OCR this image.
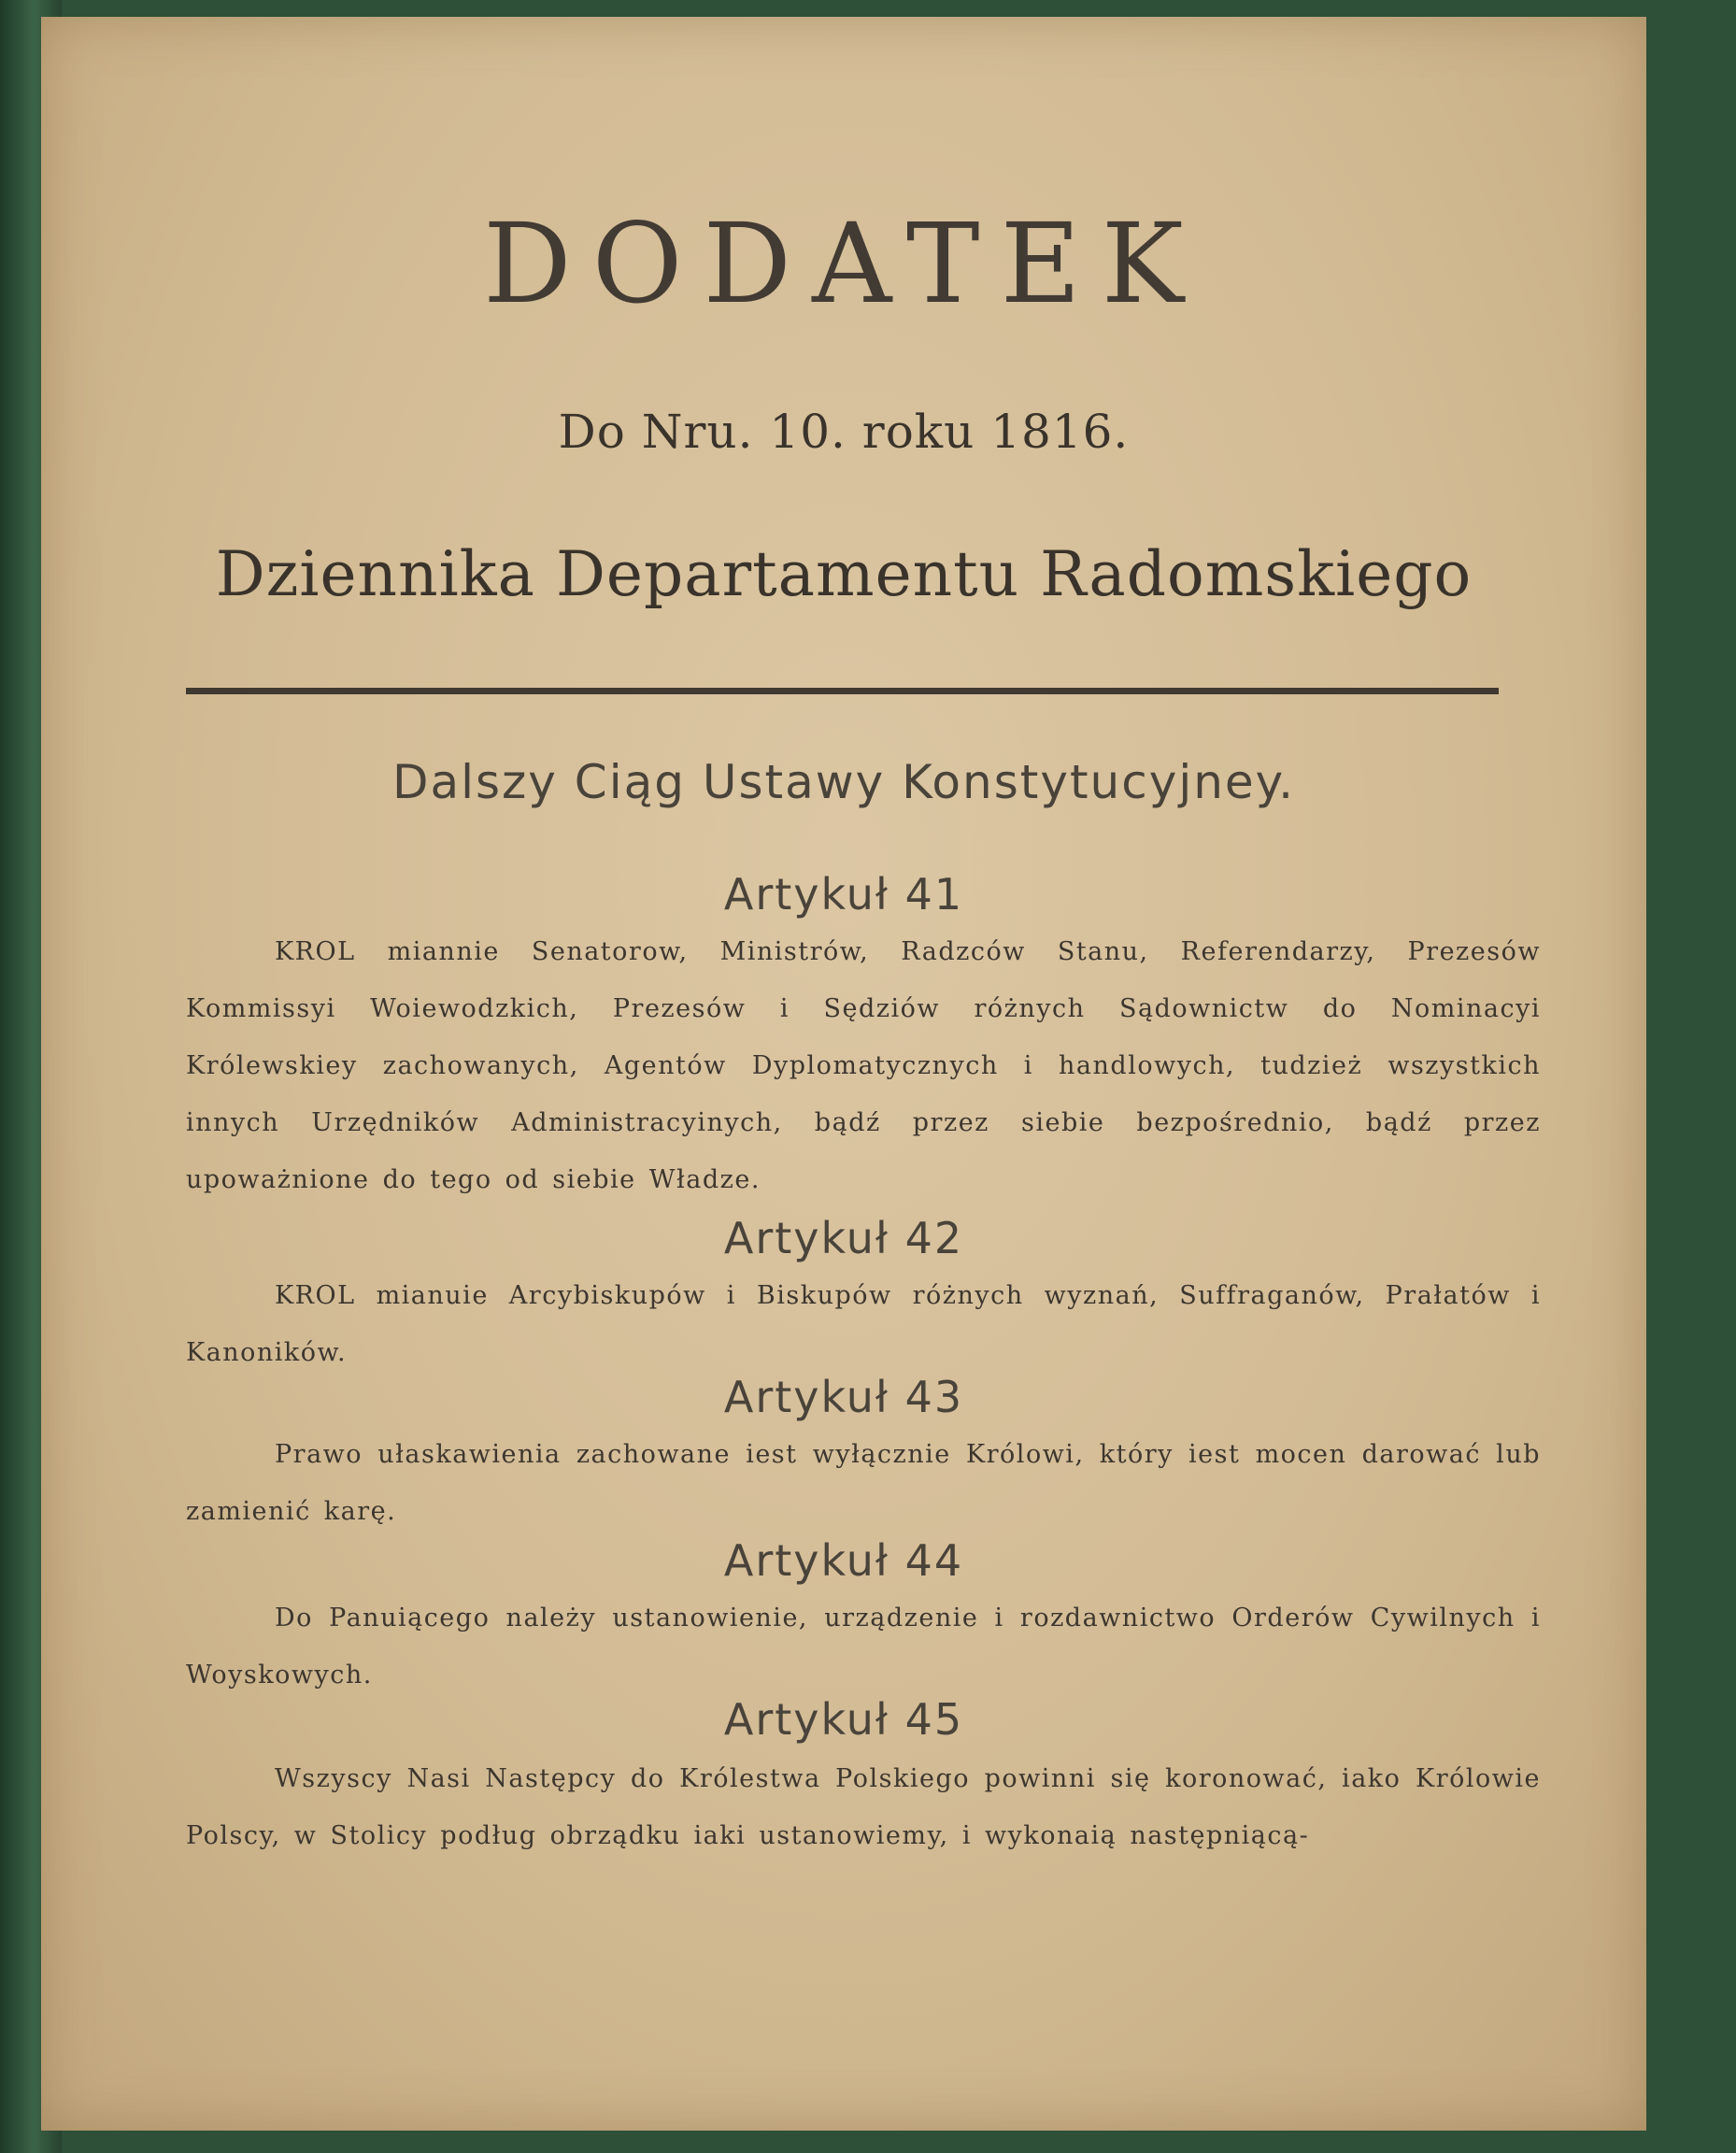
DODATEK
Do Nru. 10. roku 1816.
Dziennika Departamentu Radomskiego
Dalszy Ciąg Ustawy Konstytucyjney.
Artykuł 41
KROL miannie Senatorow, Ministrów, Radzców Stanu, Referendarzy, Prezesów Kommissyi Woiewodzkich, Prezesów i Sędziów różnych Sądownictw do Nominacyi Królewskiey zachowanych, Agentów Dyplomatycznych i handlowych, tudzież wszystkich innych Urzędników Administracyinych, bądź przez siebie bezpośrednio, bądź przez upoważnione do tego od siebie Władze.
Artykuł 42
KROL mianuie Arcybiskupów i Biskupów różnych wyznań, Suffraganów, Prałatów i Kanoników.
Artykuł 43
Prawo ułaskawienia zachowane iest wyłącznie Królowi, który iest mocen darować lub zamienić karę.
Artykuł 44
Do Panuiącego należy ustanowienie, urządzenie i rozdawnictwo Orderów Cywilnych i Woyskowych.
Artykuł 45
Wszyscy Nasi Następcy do Królestwa Polskiego powinni się koronować, iako Królowie Polscy, w Stolicy podług obrządku iaki ustanowiemy, i wykonaią następniącą-
